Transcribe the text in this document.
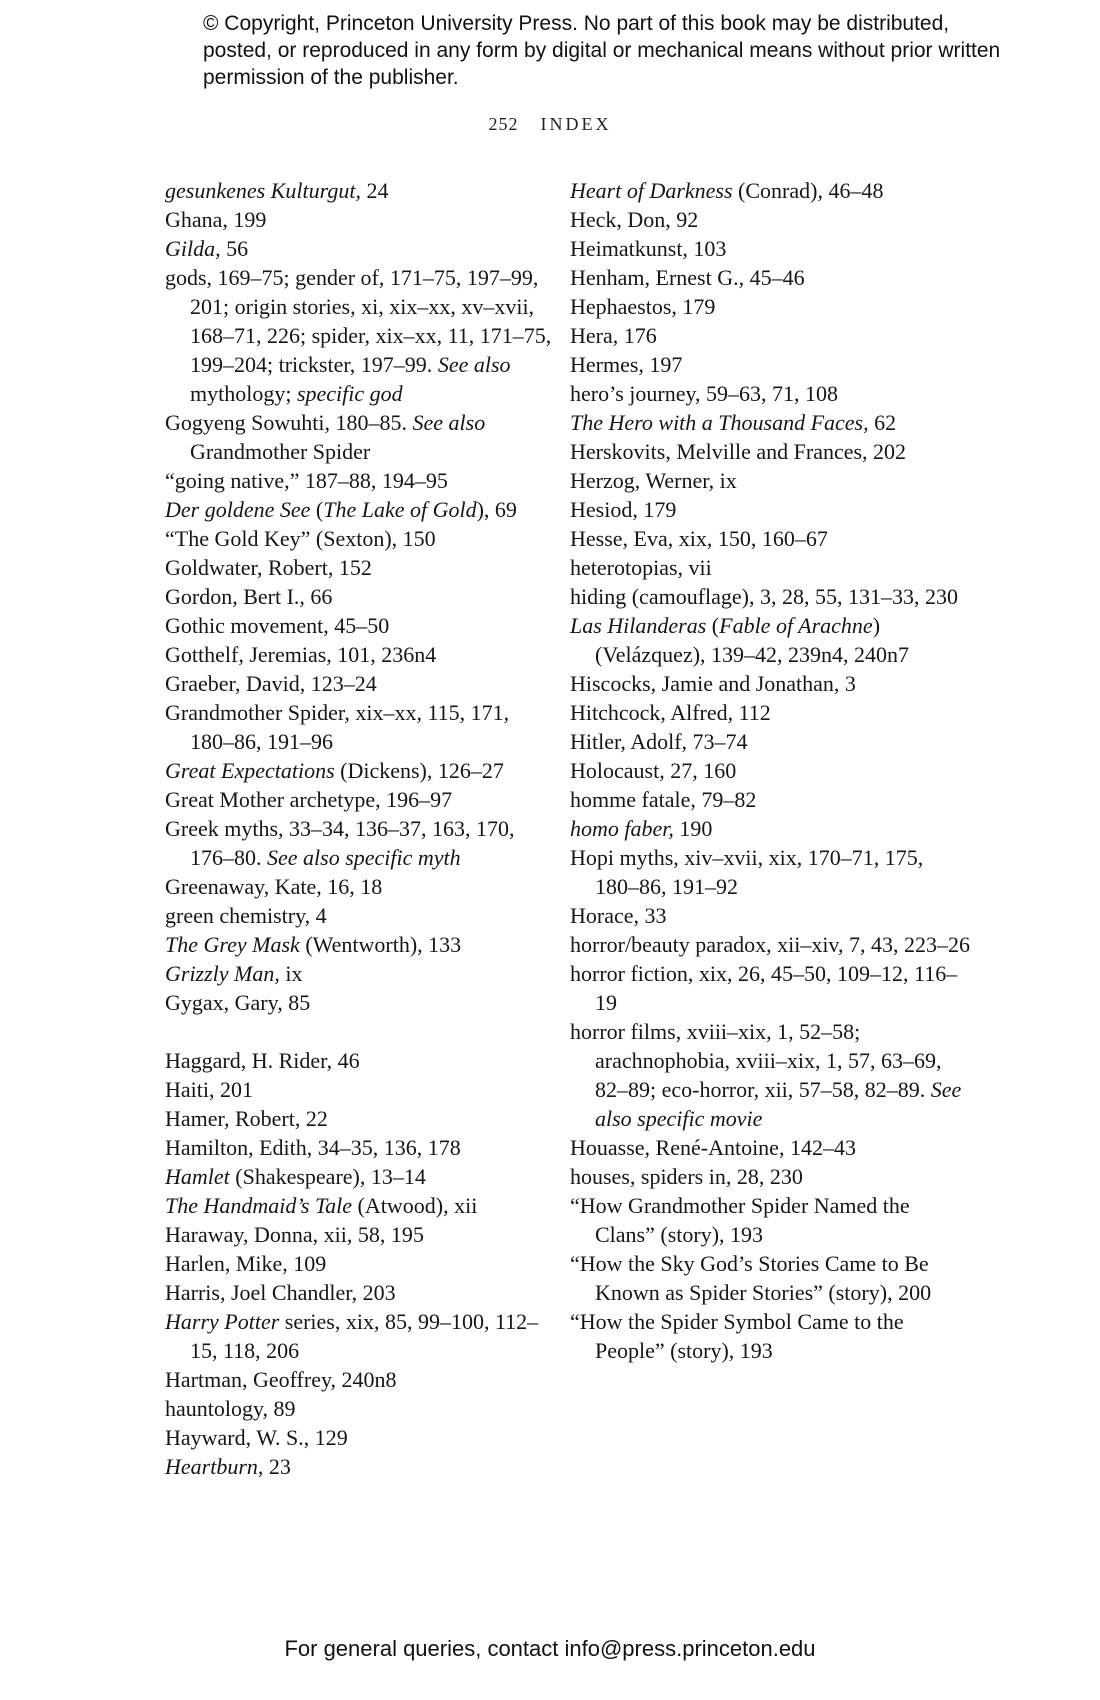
© Copyright, Princeton University Press. No part of this book may be distributed, posted, or reproduced in any form by digital or mechanical means without prior written permission of the publisher.
252 INDEX

gesunkenes Kulturgut, 24

Ghana, 199

Gilda, 56

gods, 169–75; gender of, 171–75, 197–99, 201; origin stories, xi, xix–xx, xv–xvii, 168–71, 226; spider, xix–xx, 11, 171–75, 199–204; trickster, 197–99. See also mythology; specific god

Gogyeng Sowuhti, 180–85. See also Grandmother Spider

“going native,” 187–88, 194–95

Der goldene See (The Lake of Gold), 69

“The Gold Key” (Sexton), 150

Goldwater, Robert, 152

Gordon, Bert I., 66

Gothic movement, 45–50

Gotthelf, Jeremias, 101, 236n4

Graeber, David, 123–24

Grandmother Spider, xix–xx, 115, 171, 180–86, 191–96

Great Expectations (Dickens), 126–27

Great Mother archetype, 196–97

Greek myths, 33–34, 136–37, 163, 170, 176–80. See also specific myth

Greenaway, Kate, 16, 18

green chemistry, 4

The Grey Mask (Wentworth), 133

Grizzly Man, ix

Gygax, Gary, 85

Haggard, H. Rider, 46

Haiti, 201

Hamer, Robert, 22

Hamilton, Edith, 34–35, 136, 178

Hamlet (Shakespeare), 13–14

The Handmaid’s Tale (Atwood), xii

Haraway, Donna, xii, 58, 195

Harlen, Mike, 109

Harris, Joel Chandler, 203

Harry Potter series, xix, 85, 99–100, 112–15, 118, 206

Hartman, Geoffrey, 240n8

hauntology, 89

Hayward, W. S., 129

Heartburn, 23

Heart of Darkness (Conrad), 46–48

Heck, Don, 92

Heimatkunst, 103

Henham, Ernest G., 45–46

Hephaestos, 179

Hera, 176

Hermes, 197

hero’s journey, 59–63, 71, 108

The Hero with a Thousand Faces, 62

Herskovits, Melville and Frances, 202

Herzog, Werner, ix

Hesiod, 179

Hesse, Eva, xix, 150, 160–67

heterotopias, vii

hiding (camouflage), 3, 28, 55, 131–33, 230

Las Hilanderas (Fable of Arachne) (Velázquez), 139–42, 239n4, 240n7

Hiscocks, Jamie and Jonathan, 3

Hitchcock, Alfred, 112

Hitler, Adolf, 73–74

Holocaust, 27, 160

homme fatale, 79–82

homo faber, 190

Hopi myths, xiv–xvii, xix, 170–71, 175, 180–86, 191–92

Horace, 33

horror/beauty paradox, xii–xiv, 7, 43, 223–26

horror fiction, xix, 26, 45–50, 109–12, 116–19

horror films, xviii–xix, 1, 52–58; arachnophobia, xviii–xix, 1, 57, 63–69, 82–89; eco-horror, xii, 57–58, 82–89. See also specific movie

Houasse, René-Antoine, 142–43

houses, spiders in, 28, 230

“How Grandmother Spider Named the Clans” (story), 193

“How the Sky God’s Stories Came to Be Known as Spider Stories” (story), 200

“How the Spider Symbol Came to the People” (story), 193

For general queries, contact info@press.princeton.edu
